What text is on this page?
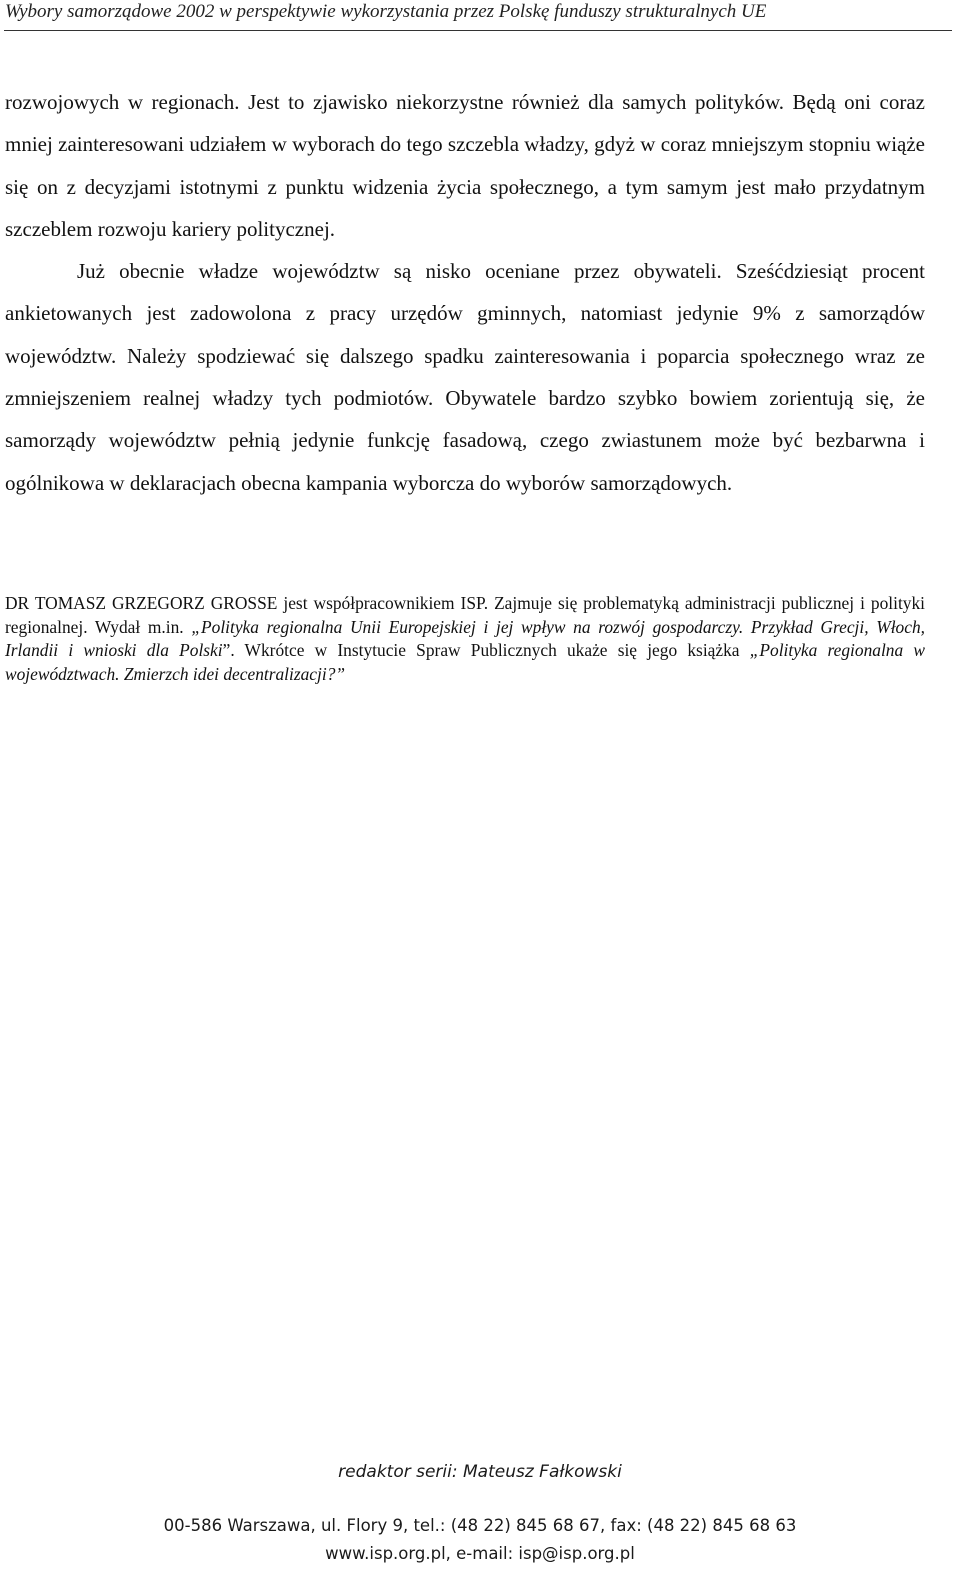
Wybory samorządowe 2002 w perspektywie wykorzystania przez Polskę funduszy strukturalnych UE

rozwojowych w regionach. Jest to zjawisko niekorzystne również dla samych polityków. Będą oni coraz mniej zainteresowani udziałem w wyborach do tego szczebla władzy, gdyż w coraz mniejszym stopniu wiąże się on z decyzjami istotnymi z punktu widzenia życia społecznego, a tym samym jest mało przydatnym szczeblem rozwoju kariery politycznej.

Już obecnie władze województw są nisko oceniane przez obywateli. Sześćdziesiąt procent ankietowanych jest zadowolona z pracy urzędów gminnych, natomiast jedynie 9% z samorządów województw. Należy spodziewać się dalszego spadku zainteresowania i poparcia społecznego wraz ze zmniejszeniem realnej władzy tych podmiotów. Obywatele bardzo szybko bowiem zorientują się, że samorządy województw pełnią jedynie funkcję fasadową, czego zwiastunem może być bezbarwna i ogólnikowa w deklaracjach obecna kampania wyborcza do wyborów samorządowych.

DR TOMASZ GRZEGORZ GROSSE jest współpracownikiem ISP. Zajmuje się problematyką administracji publicznej i polityki regionalnej. Wydał m.in. „Polityka regionalna Unii Europejskiej i jej wpływ na rozwój gospodarczy. Przykład Grecji, Włoch, Irlandii i wnioski dla Polski”. Wkrótce w Instytucie Spraw Publicznych ukaże się jego książka „Polityka regionalna w województwach. Zmierzch idei decentralizacji?”

redaktor serii: Mateusz Fałkowski
00-586 Warszawa, ul. Flory 9, tel.: (48 22) 845 68 67, fax: (48 22) 845 68 63
www.isp.org.pl, e-mail: isp@isp.org.pl
